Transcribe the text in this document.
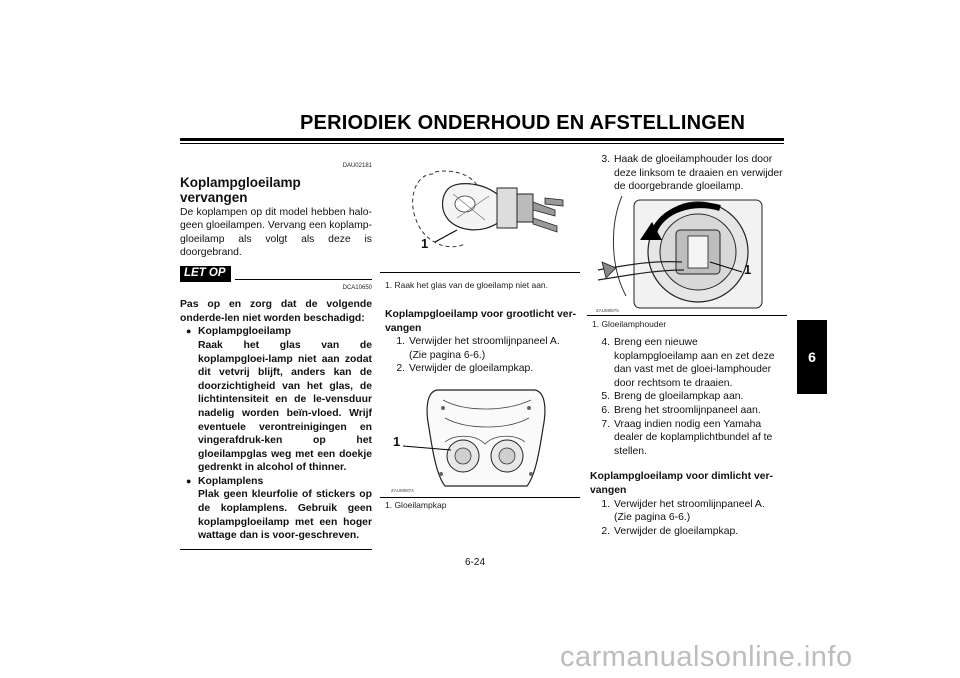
PERIODIEK ONDERHOUD EN AFSTELLINGEN
6
DAU02181
Koplampgloeilamp vervangen

De koplampen op dit model hebben halo-geen gloeilampen. Vervang een koplamp-gloeilamp als volgt als deze is doorgebrand.

LET OP
DCA10650
Pas op en zorg dat de volgende onderde-len niet worden beschadigd:
● Koplampgloeilamp
Raak het glas van de koplampgloei-lamp niet aan zodat dit vetvrij blijft, anders kan de doorzichtigheid van het glas, de lichtintensiteit en de le-vensduur nadelig worden beïn-vloed. Wrijf eventuele verontreinigingen en vingerafdruk-ken op het gloeilampglas weg met een doekje gedrenkt in alcohol of thinner.
● Koplamplens
Plak geen kleurfolie of stickers op de koplamplens. Gebruik geen koplampgloeilamp met een hoger wattage dan is voor-geschreven.
1
1. Raak het glas van de gloeilamp niet aan.
Koplampgloeilamp voor grootlicht ver-vangen
1. Verwijder het stroomlijnpaneel A. (Zie pagina 6-6.)
2. Verwijder de gloeilampkap.
1
ZAUM0874
1. Gloeilampkap
3. Haak de gloeilamphouder los door deze linksom te draaien en verwijder de doorgebrande gloeilamp.
1
ZAUM0875
1. Gloeilamphouder
4. Breng een nieuwe koplampgloeilamp aan en zet deze dan vast met de gloei-lamphouder door rechtsom te draaien.
5. Breng de gloeilampkap aan.
6. Breng het stroomlijnpaneel aan.
7. Vraag indien nodig een Yamaha dealer de koplamplichtbundel af te stellen.
Koplampgloeilamp voor dimlicht ver-vangen
1. Verwijder het stroomlijnpaneel A. (Zie pagina 6-6.)
2. Verwijder de gloeilampkap.
6-24
carmanualsonline.info
